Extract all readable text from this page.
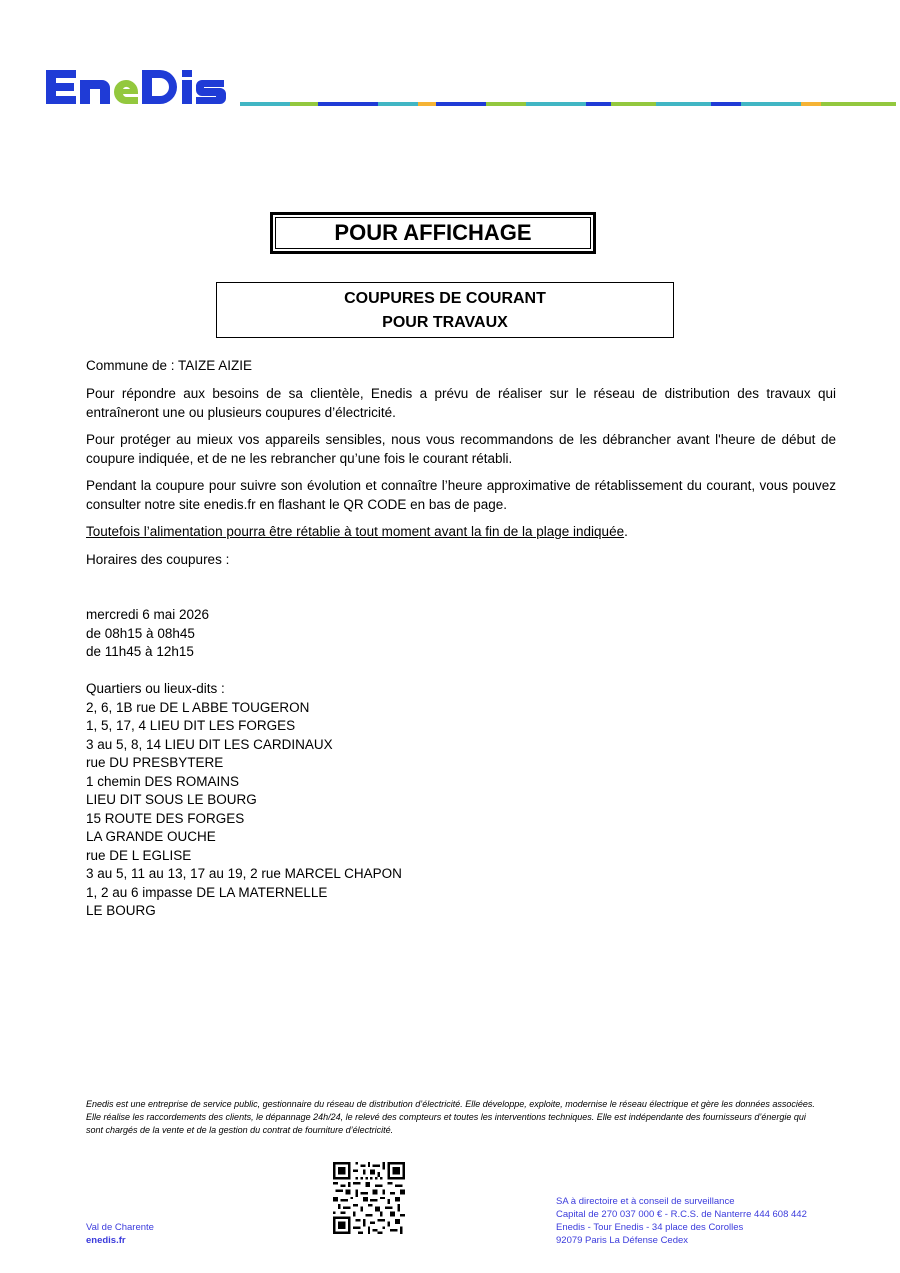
POUR AFFICHAGE
COUPURES DE COURANT
POUR TRAVAUX
Commune de : TAIZE AIZIE
Pour répondre aux besoins de sa clientèle, Enedis a prévu de réaliser sur le réseau de distribution des travaux qui entraîneront une ou plusieurs coupures d’électricité.
Pour protéger au mieux vos appareils sensibles, nous vous recommandons de les débrancher avant l'heure de début de coupure indiquée, et de ne les rebrancher qu’une fois le courant rétabli.
Pendant la coupure pour suivre son évolution et connaître l’heure approximative de rétablissement du courant, vous pouvez consulter notre site enedis.fr en flashant le QR CODE en bas de page.
Toutefois l’alimentation pourra être rétablie à tout moment avant la fin de la plage indiquée.
Horaires des coupures :
mercredi 6 mai 2026
de 08h15 à 08h45
de 11h45 à 12h15
Quartiers ou lieux-dits :
2, 6, 1B rue DE L ABBE TOUGERON
1, 5, 17, 4 LIEU DIT LES FORGES
3 au 5, 8, 14 LIEU DIT LES CARDINAUX
rue DU PRESBYTERE
1 chemin DES ROMAINS
LIEU DIT SOUS LE BOURG
15 ROUTE DES FORGES
LA GRANDE OUCHE
rue DE L EGLISE
3 au 5, 11 au 13, 17 au 19, 2 rue MARCEL CHAPON
1, 2 au 6 impasse DE LA MATERNELLE
LE BOURG
Enedis est une entreprise de service public, gestionnaire du réseau de distribution d’électricité. Elle développe, exploite, modernise le réseau électrique et gère les données associées. Elle réalise les raccordements des clients, le dépannage 24h/24, le relevé des compteurs et toutes les interventions techniques. Elle est indépendante des fournisseurs d’énergie qui sont chargés de la vente et de la gestion du contrat de fourniture d’électricité.
Val de Charente
enedis.fr
SA à directoire et à conseil de surveillance
Capital de 270 037 000 € - R.C.S. de Nanterre 444 608 442
Enedis - Tour Enedis - 34 place des Corolles
92079 Paris La Défense Cedex
